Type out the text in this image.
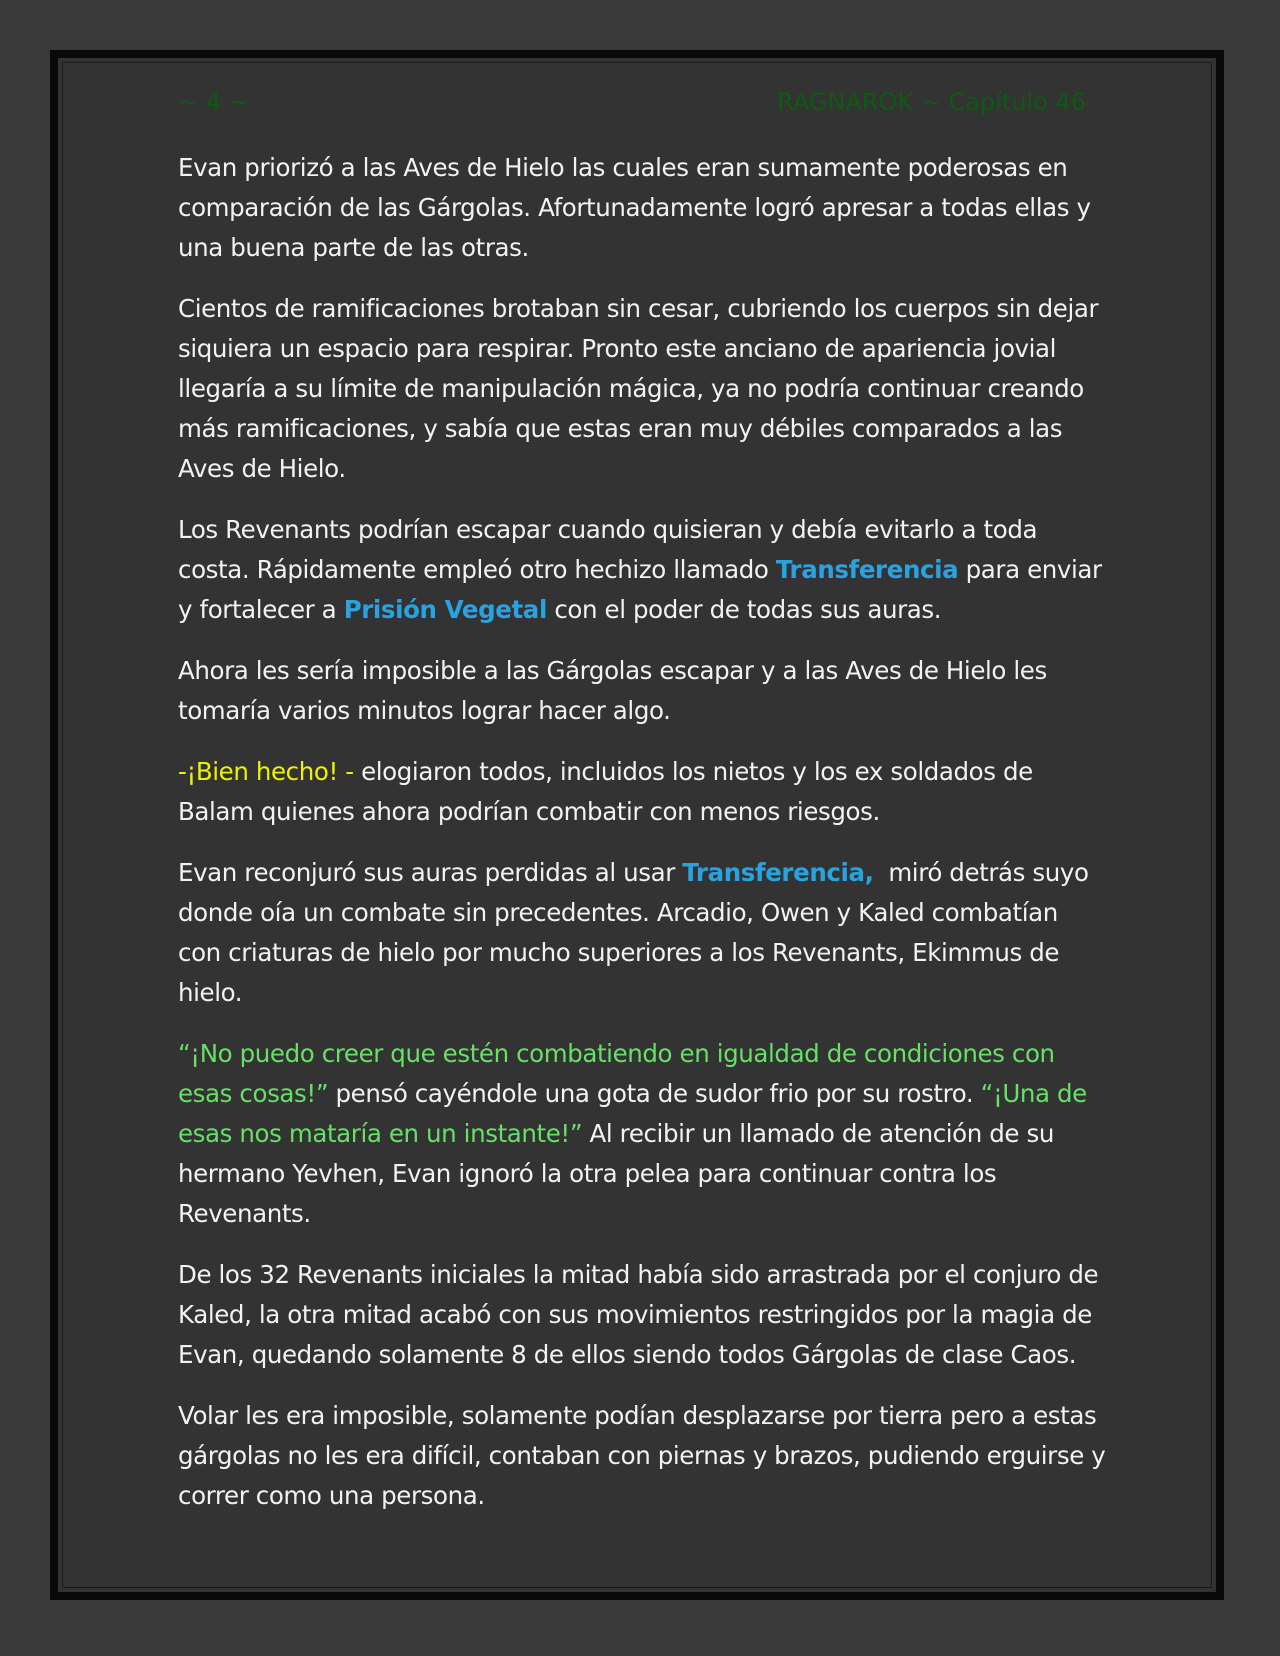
~ 4 ~	RAGNAROK ~ Capítulo 46

Evan priorizó a las Aves de Hielo las cuales eran sumamente poderosas en comparación de las Gárgolas. Afortunadamente logró apresar a todas ellas y una buena parte de las otras.

Cientos de ramificaciones brotaban sin cesar, cubriendo los cuerpos sin dejar siquiera un espacio para respirar. Pronto este anciano de apariencia jovial llegaría a su límite de manipulación mágica, ya no podría continuar creando más ramificaciones, y sabía que estas eran muy débiles comparados a las Aves de Hielo.

Los Revenants podrían escapar cuando quisieran y debía evitarlo a toda costa. Rápidamente empleó otro hechizo llamado Transferencia para enviar y fortalecer a Prisión Vegetal con el poder de todas sus auras.

Ahora les sería imposible a las Gárgolas escapar y a las Aves de Hielo les tomaría varios minutos lograr hacer algo.

-¡Bien hecho! - elogiaron todos, incluidos los nietos y los ex soldados de Balam quienes ahora podrían combatir con menos riesgos.

Evan reconjuró sus auras perdidas al usar Transferencia,  miró detrás suyo donde oía un combate sin precedentes. Arcadio, Owen y Kaled combatían con criaturas de hielo por mucho superiores a los Revenants, Ekimmus de hielo.

“¡No puedo creer que estén combatiendo en igualdad de condiciones con esas cosas!” pensó cayéndole una gota de sudor frio por su rostro. “¡Una de esas nos mataría en un instante!” Al recibir un llamado de atención de su hermano Yevhen, Evan ignoró la otra pelea para continuar contra los Revenants.

De los 32 Revenants iniciales la mitad había sido arrastrada por el conjuro de Kaled, la otra mitad acabó con sus movimientos restringidos por la magia de Evan, quedando solamente 8 de ellos siendo todos Gárgolas de clase Caos.

Volar les era imposible, solamente podían desplazarse por tierra pero a estas gárgolas no les era difícil, contaban con piernas y brazos, pudiendo erguirse y correr como una persona.
